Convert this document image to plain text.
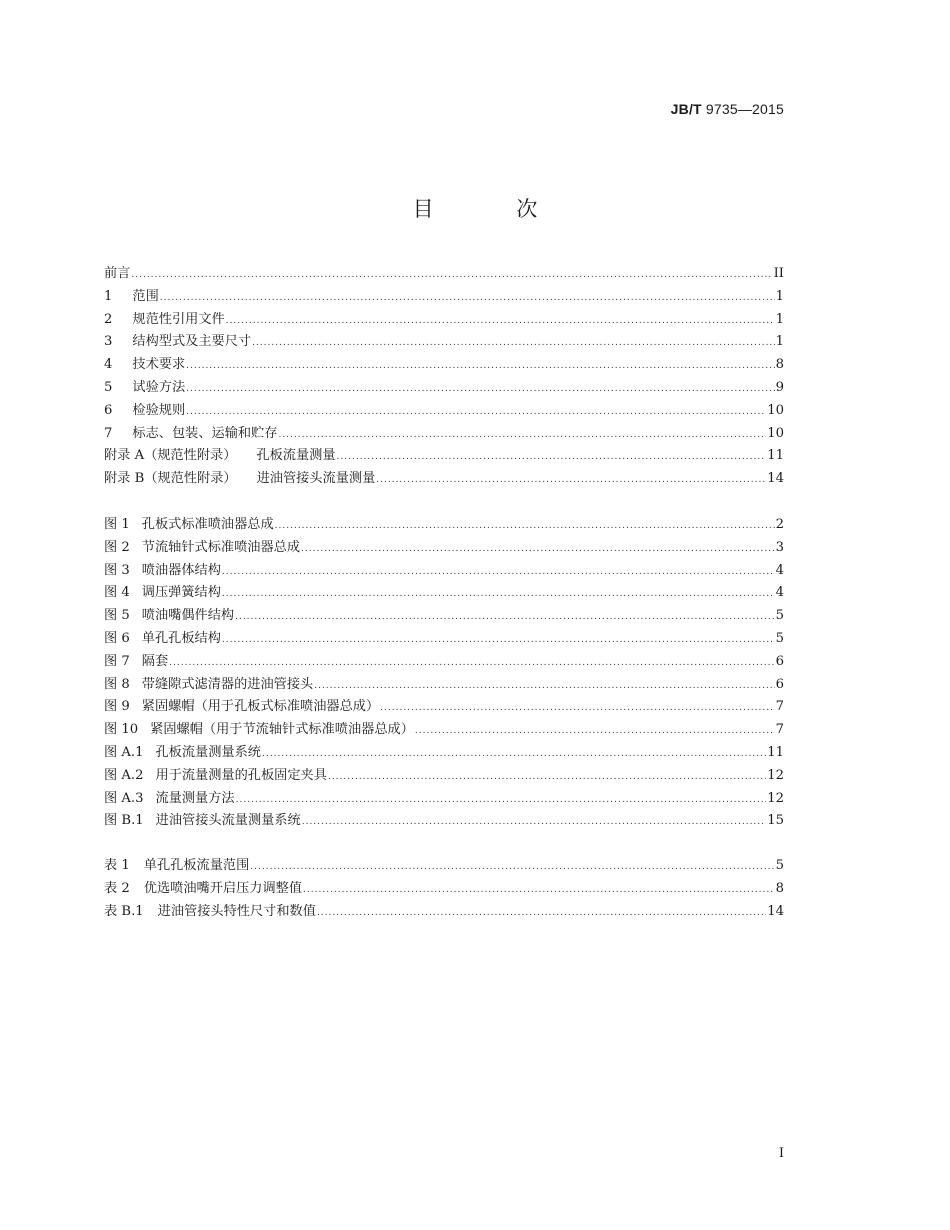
JB/T 9735—2015
目 次
前言 .....	II
1 范围 .....	1
2 规范性引用文件 .....	1
3 结构型式及主要尺寸 .....	1
4 技术要求 .....	8
5 试验方法 .....	9
6 检验规则 .....	10
7 标志、包装、运输和贮存 .....	10
附录 A（规范性附录） 孔板流量测量 .....	11
附录 B（规范性附录） 进油管接头流量测量 .....	14
图 1 孔板式标准喷油器总成 .....	2
图 2 节流轴针式标准喷油器总成 .....	3
图 3 喷油器体结构 .....	4
图 4 调压弹簧结构 .....	4
图 5 喷油嘴偶件结构 .....	5
图 6 单孔孔板结构 .....	5
图 7 隔套 .....	6
图 8 带缝隙式滤清器的进油管接头 .....	6
图 9 紧固螺帽（用于孔板式标准喷油器总成） .....	7
图 10 紧固螺帽（用于节流轴针式标准喷油器总成） .....	7
图 A.1 孔板流量测量系统 .....	11
图 A.2 用于流量测量的孔板固定夹具 .....	12
图 A.3 流量测量方法 .....	12
图 B.1 进油管接头流量测量系统 .....	15
表 1 单孔孔板流量范围 .....	5
表 2 优选喷油嘴开启压力调整值 .....	8
表 B.1 进油管接头特性尺寸和数值 .....	14
I
